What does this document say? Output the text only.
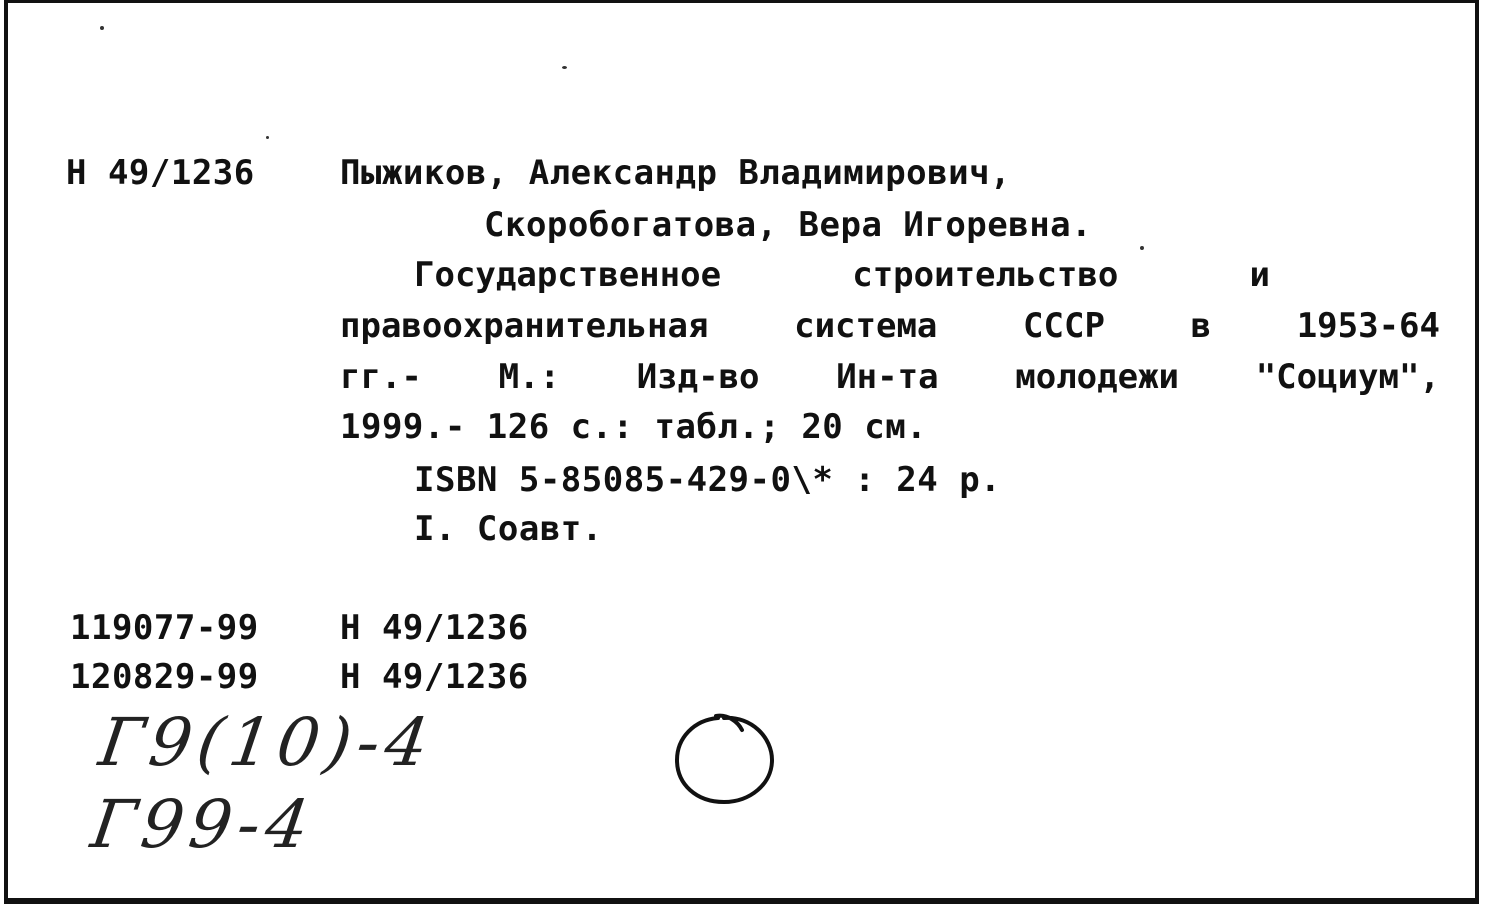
Н 49/1236	Пыжиков, Александр Владимирович,
Скоробогатова, Вера Игоревна.
Государственное	строительство	и
правоохранительная	система	СССР	в	1953-64
гг.- М.: Изд-во Ин-та молодежи "Социум",
1999.- 126 с.: табл.; 20 см.
ISBN 5-85085-429-0\* : 24 р.
I. Соавт.
119077-99 Н 49/1236
120829-99 Н 49/1236
Г9(10)-4
Г99-4
